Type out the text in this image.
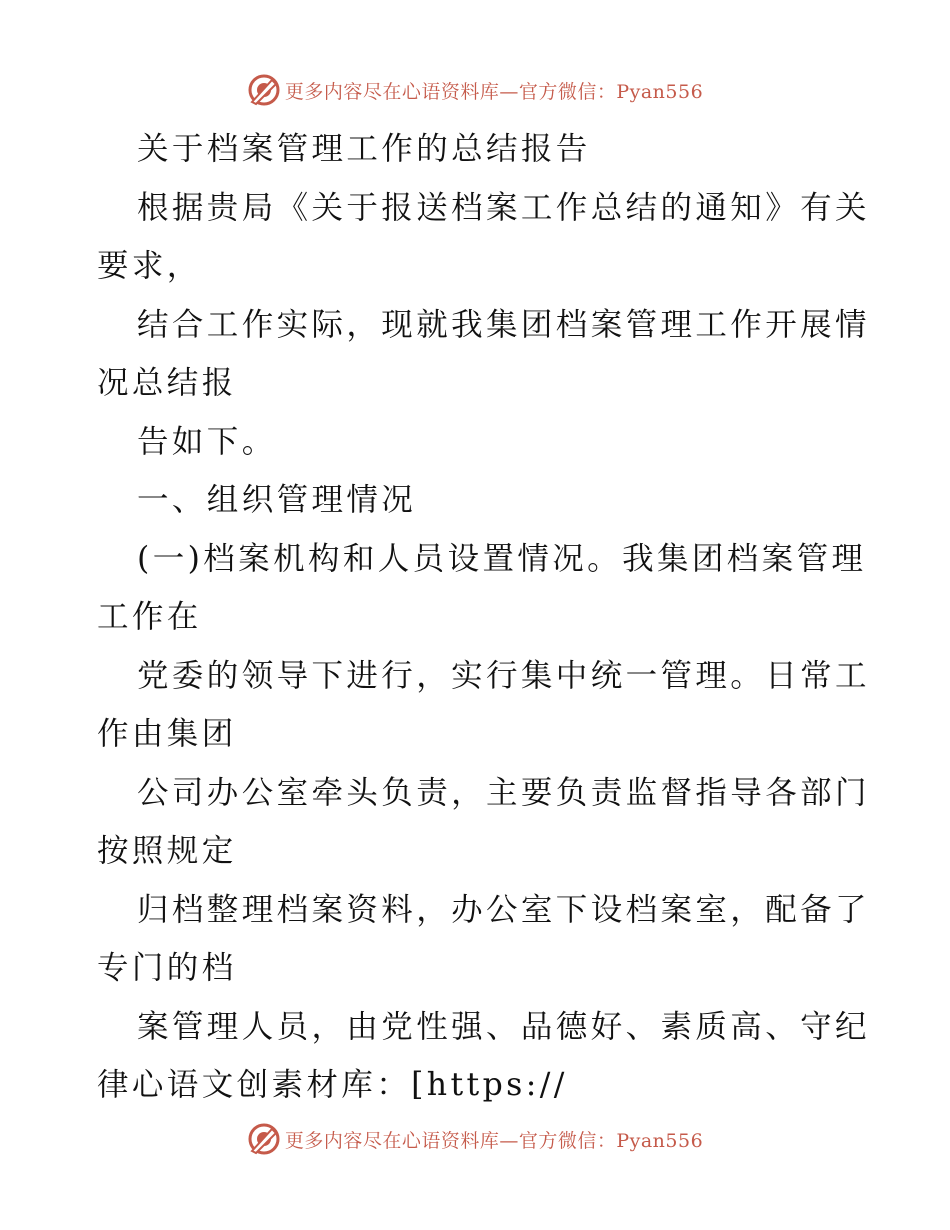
更多内容尽在心语资料库—官方微信：Pyan556

关于档案管理工作的总结报告

根据贵局《关于报送档案工作总结的通知》有关

要求，

结合工作实际，现就我集团档案管理工作开展情

况总结报

告如下。

一、组织管理情况

(一)档案机构和人员设置情况。我集团档案管理

工作在

党委的领导下进行，实行集中统一管理。日常工

作由集团

公司办公室牵头负责，主要负责监督指导各部门

按照规定

归档整理档案资料，办公室下设档案室，配备了

专门的档

案管理人员，由党性强、品德好、素质高、守纪

律心语文创素材库：[https://

更多内容尽在心语资料库—官方微信：Pyan556
